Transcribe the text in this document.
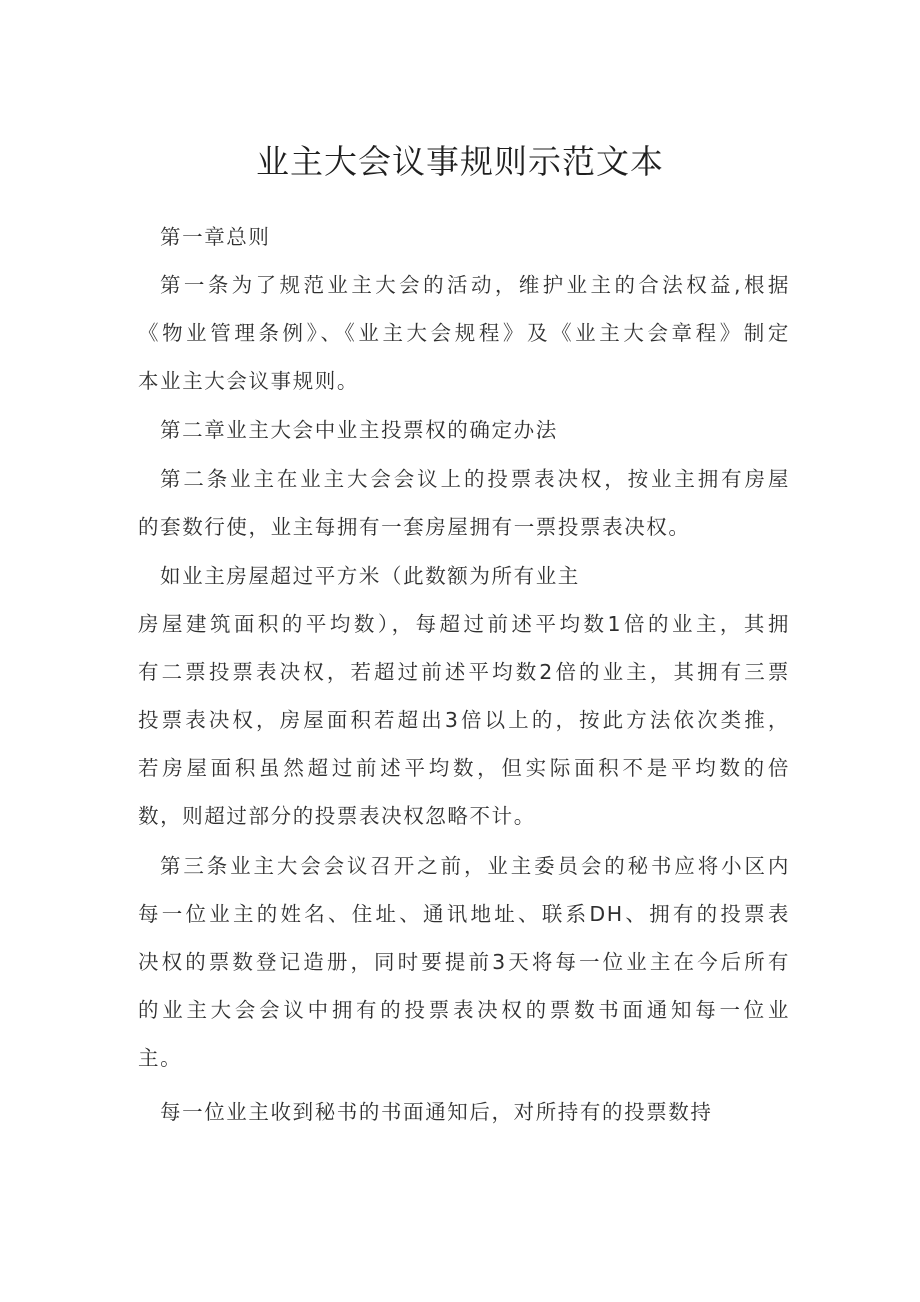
业主大会议事规则示范文本
第一章总则
第一条为了规范业主大会的活动，维护业主的合法权益,根据
《物业管理条例》、《业主大会规程》及《业主大会章程》制定
本业主大会议事规则。
第二章业主大会中业主投票权的确定办法
第二条业主在业主大会会议上的投票表决权，按业主拥有房屋
的套数行使，业主每拥有一套房屋拥有一票投票表决权。
如业主房屋超过平方米（此数额为所有业主
房屋建筑面积的平均数），每超过前述平均数1倍的业主，其拥
有二票投票表决权，若超过前述平均数2倍的业主，其拥有三票
投票表决权，房屋面积若超出3倍以上的，按此方法依次类推，
若房屋面积虽然超过前述平均数，但实际面积不是平均数的倍
数，则超过部分的投票表决权忽略不计。
第三条业主大会会议召开之前，业主委员会的秘书应将小区内
每一位业主的姓名、住址、通讯地址、联系DH、拥有的投票表
决权的票数登记造册，同时要提前3天将每一位业主在今后所有
的业主大会会议中拥有的投票表决权的票数书面通知每一位业
主。
每一位业主收到秘书的书面通知后，对所持有的投票数持
